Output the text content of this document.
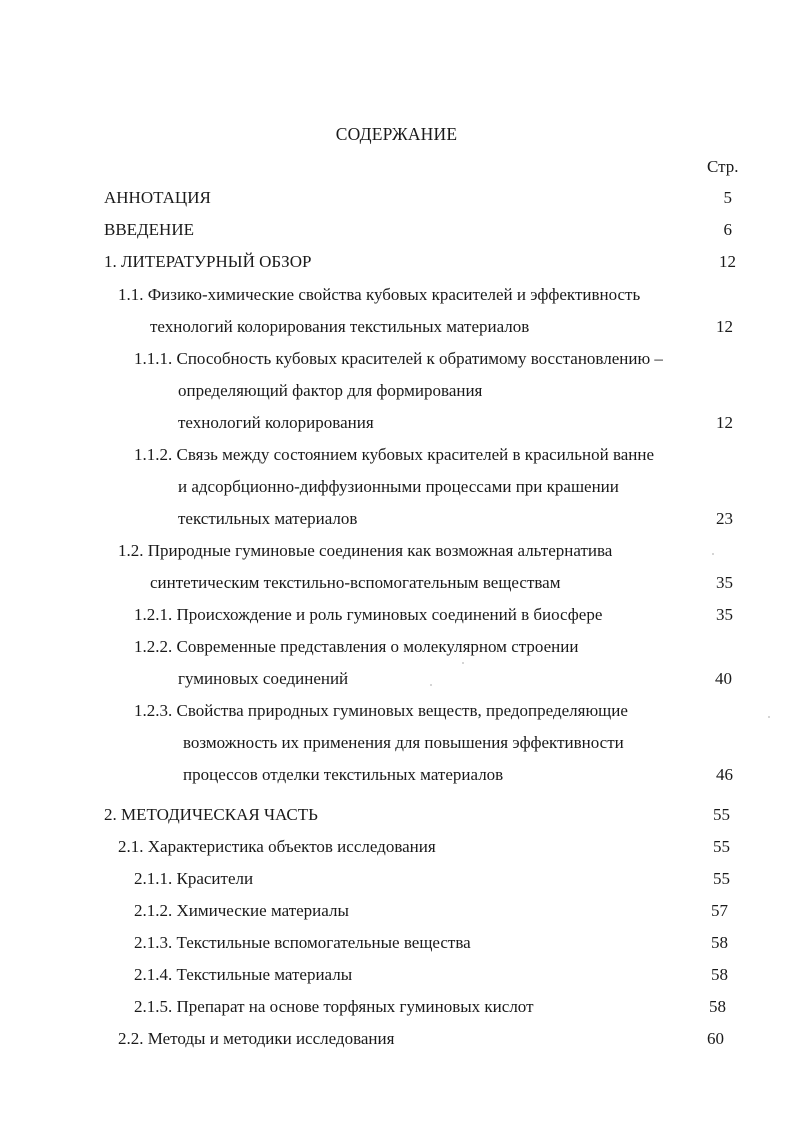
СОДЕРЖАНИЕ
Стр.
АННОТАЦИЯ	5
ВВЕДЕНИЕ	6
1. ЛИТЕРАТУРНЫЙ ОБЗОР	12
1.1. Физико-химические свойства кубовых красителей и эффективность
технологий колорирования текстильных материалов	12
1.1.1. Способность кубовых красителей к обратимому восстановлению –
определяющий фактор для формирования
технологий колорирования	12
1.1.2. Связь между состоянием кубовых красителей в красильной ванне
и адсорбционно-диффузионными процессами при крашении
текстильных материалов	23
1.2. Природные гуминовые соединения как возможная альтернатива
синтетическим текстильно-вспомогательным веществам	35
1.2.1. Происхождение и роль гуминовых соединений в биосфере	35
1.2.2. Современные представления о молекулярном строении
гуминовых соединений	40
1.2.3. Свойства природных гуминовых веществ, предопределяющие
возможность их применения для повышения эффективности
процессов отделки текстильных материалов	46
2. МЕТОДИЧЕСКАЯ ЧАСТЬ	55
2.1. Характеристика объектов исследования	55
2.1.1. Красители	55
2.1.2. Химические материалы	57
2.1.3. Текстильные вспомогательные вещества	58
2.1.4. Текстильные материалы	58
2.1.5. Препарат на основе торфяных гуминовых кислот	58
2.2. Методы и методики исследования	60
